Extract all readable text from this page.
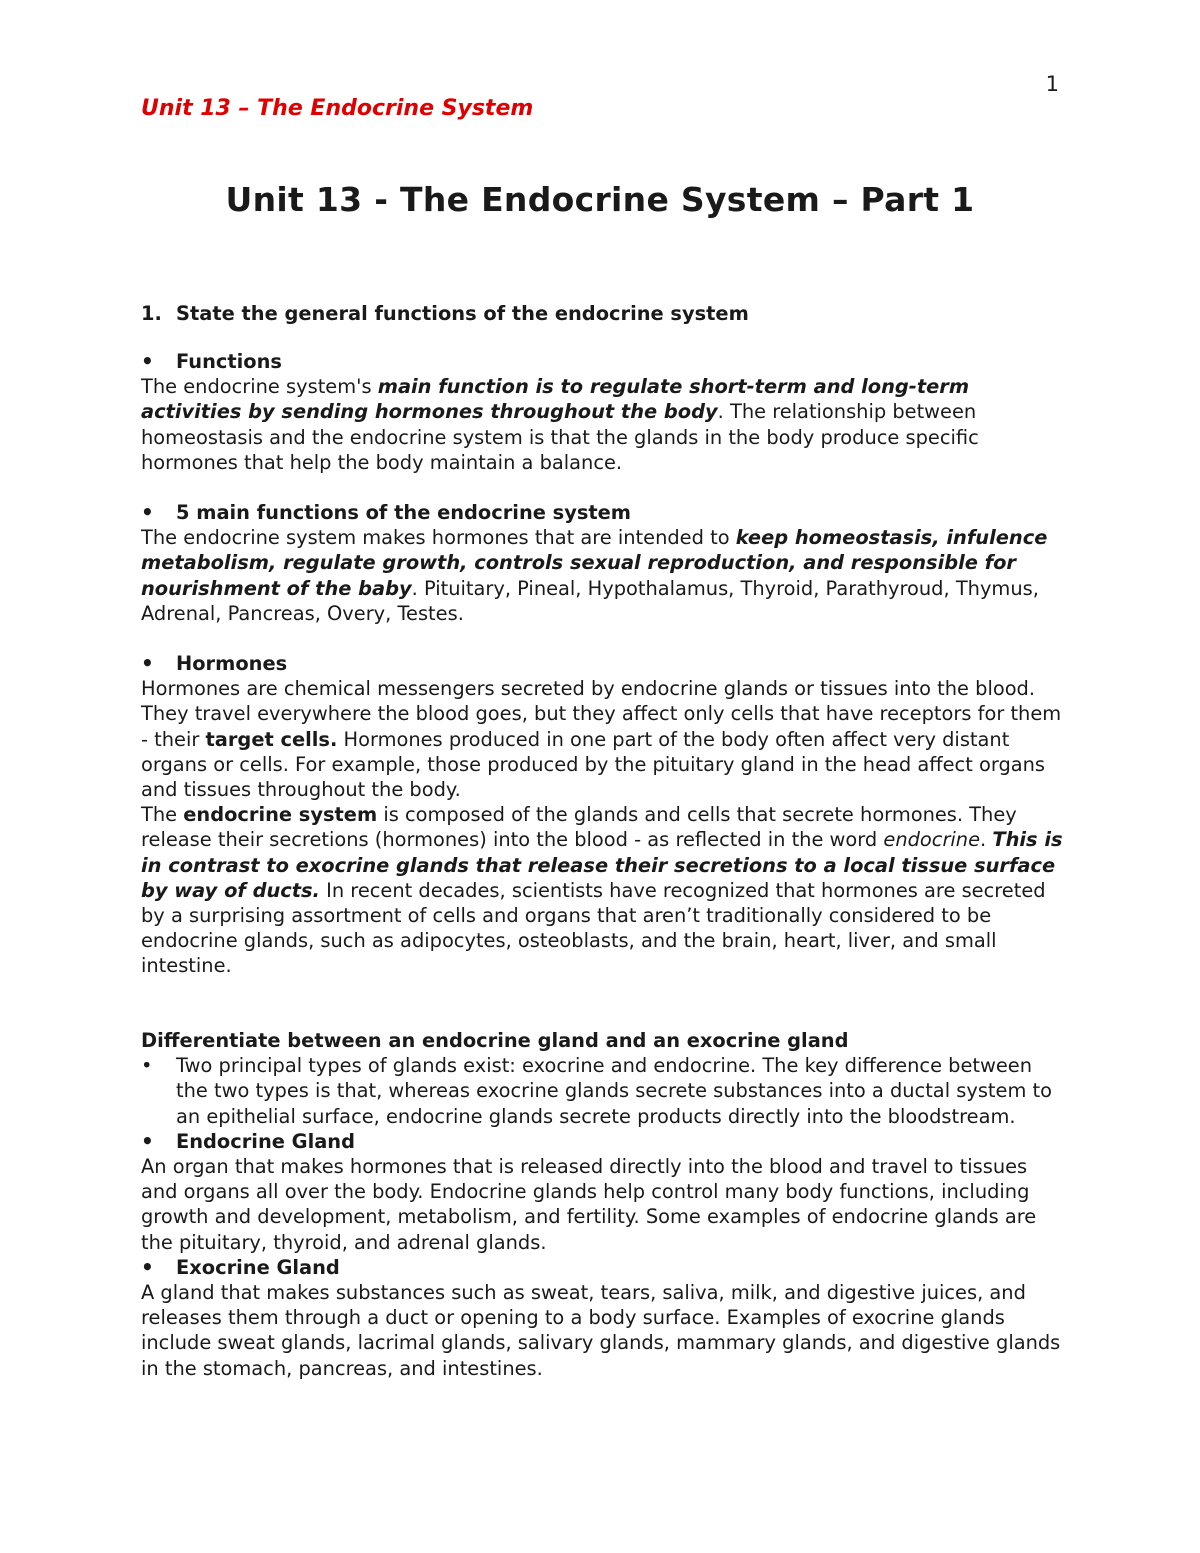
1
Unit 13 – The Endocrine System
Unit 13 - The Endocrine System – Part 1
1. State the general functions of the endocrine system
• Functions
The endocrine system's main function is to regulate short-term and long-term activities by sending hormones throughout the body. The relationship between homeostasis and the endocrine system is that the glands in the body produce specific hormones that help the body maintain a balance.
• 5 main functions of the endocrine system
The endocrine system makes hormones that are intended to keep homeostasis, infulence metabolism, regulate growth, controls sexual reproduction, and responsible for nourishment of the baby. Pituitary, Pineal, Hypothalamus, Thyroid, Parathyroud, Thymus, Adrenal, Pancreas, Overy, Testes.
• Hormones
Hormones are chemical messengers secreted by endocrine glands or tissues into the blood. They travel everywhere the blood goes, but they affect only cells that have receptors for them - their target cells. Hormones produced in one part of the body often affect very distant organs or cells. For example, those produced by the pituitary gland in the head affect organs and tissues throughout the body.
The endocrine system is composed of the glands and cells that secrete hormones. They release their secretions (hormones) into the blood - as reflected in the word endocrine. This is in contrast to exocrine glands that release their secretions to a local tissue surface by way of ducts. In recent decades, scientists have recognized that hormones are secreted by a surprising assortment of cells and organs that aren’t traditionally considered to be endocrine glands, such as adipocytes, osteoblasts, and the brain, heart, liver, and small intestine.
Differentiate between an endocrine gland and an exocrine gland
• Two principal types of glands exist: exocrine and endocrine. The key difference between the two types is that, whereas exocrine glands secrete substances into a ductal system to an epithelial surface, endocrine glands secrete products directly into the bloodstream.
• Endocrine Gland
An organ that makes hormones that is released directly into the blood and travel to tissues and organs all over the body. Endocrine glands help control many body functions, including growth and development, metabolism, and fertility. Some examples of endocrine glands are the pituitary, thyroid, and adrenal glands.
• Exocrine Gland
A gland that makes substances such as sweat, tears, saliva, milk, and digestive juices, and releases them through a duct or opening to a body surface. Examples of exocrine glands include sweat glands, lacrimal glands, salivary glands, mammary glands, and digestive glands in the stomach, pancreas, and intestines.
